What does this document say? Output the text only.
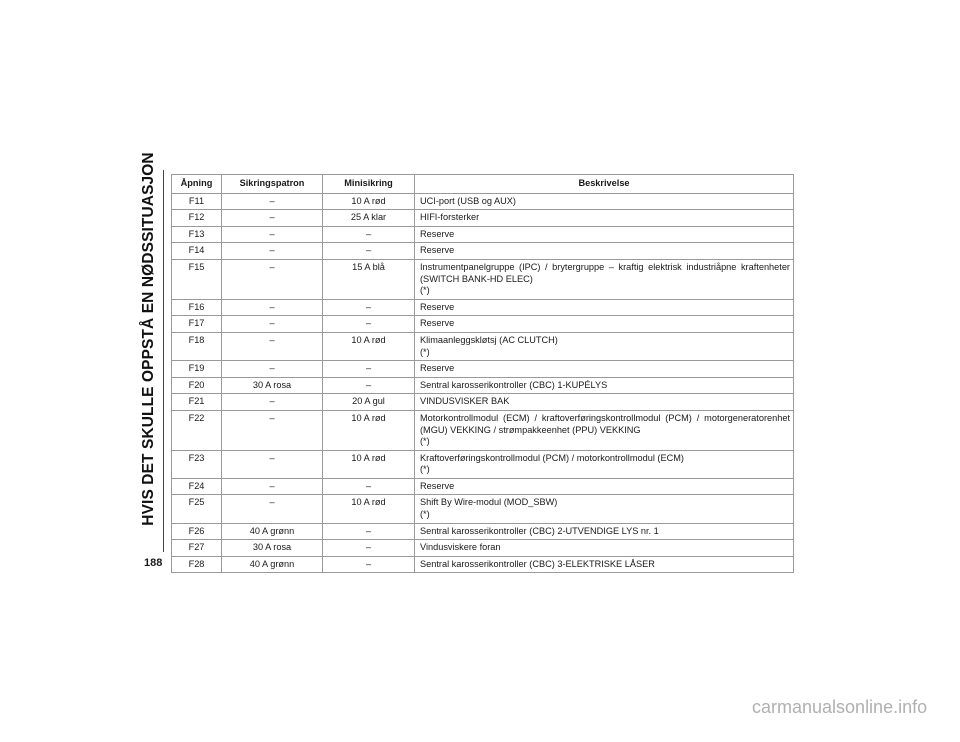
HVIS DET SKULLE OPPSTÅ EN NØDSSITUASJON
188
Åpning	Sikringspatron	Minisikring	Beskrivelse
F11	–	10 A rød	UCI-port (USB og AUX)
F12	–	25 A klar	HIFI-forsterker
F13	–	–	Reserve
F14	–	–	Reserve
F15	–	15 A blå	Instrumentpanelgruppe (IPC) / brytergruppe – kraftig elektrisk industriåpne kraftenheter (SWITCH BANK-HD ELEC)
(*)

F16	–	–	Reserve
F17	–	–	Reserve
F18	–	10 A rød	Klimaanleggskløtsj (AC CLUTCH)
(*)

F19	–	–	Reserve
F20	30 A rosa	–	Sentral karosserikontroller (CBC) 1-KUPÉLYS
F21	–	20 A gul	VINDUSVISKER BAK
F22	–	10 A rød	Motorkontrollmodul (ECM) / kraftoverføringskontrollmodul (PCM) / motorgeneratorenhet (MGU) VEKKING / strømpakkeenhet (PPU) VEKKING
(*)

F23	–	10 A rød	Kraftoverføringskontrollmodul (PCM) / motorkontrollmodul (ECM)
(*)

F24	–	–	Reserve
F25	–	10 A rød	Shift By Wire-modul (MOD_SBW)
(*)

F26	40 A grønn	–	Sentral karosserikontroller (CBC) 2-UTVENDIGE LYS nr. 1
F27	30 A rosa	–	Vindusviskere foran
F28	40 A grønn	–	Sentral karosserikontroller (CBC) 3-ELEKTRISKE LÅSER
carmanualsonline.info
